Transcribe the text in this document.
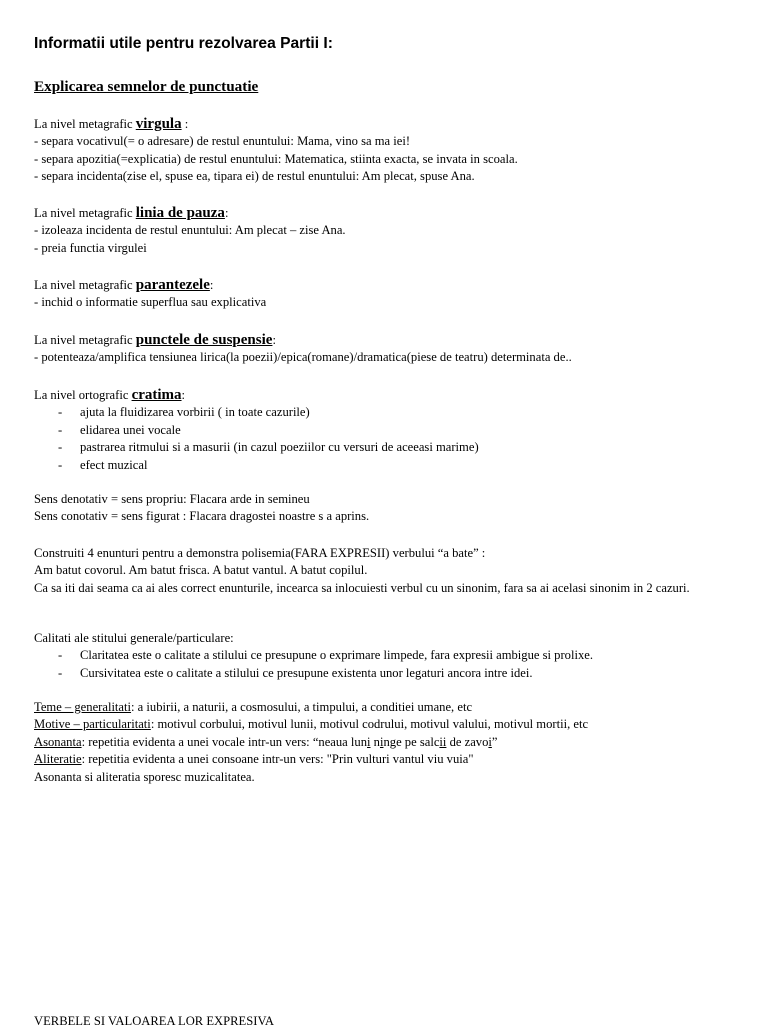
Informatii utile pentru rezolvarea Partii I:
Explicarea semnelor de punctuatie
La nivel metagrafic virgula :
- separa vocativul(= o adresare) de restul enuntului: Mama, vino sa ma iei!
- separa apozitia(=explicatia) de restul enuntului: Matematica, stiinta exacta, se invata in scoala.
- separa incidenta(zise el, spuse ea, tipara ei) de restul enuntului: Am plecat, spuse Ana.
La nivel metagrafic linia de pauza:
- izoleaza incidenta de restul enuntului: Am plecat – zise Ana.
- preia functia virgulei
La nivel metagrafic parantezele:
- inchid o informatie superflua sau explicativa
La nivel metagrafic punctele de suspensie:
- potenteaza/amplifica tensiunea lirica(la poezii)/epica(romane)/dramatica(piese de teatru) determinata de..
La nivel ortografic cratima:
- ajuta la fluidizarea vorbirii ( in toate cazurile)
- elidarea unei vocale
- pastrarea ritmului si a masurii (in cazul poeziilor cu versuri de aceeasi marime)
- efect muzical
Sens denotativ = sens propriu: Flacara arde in semineu
Sens conotativ = sens figurat : Flacara dragostei noastre s a aprins.
Construiti 4 enunturi pentru a demonstra polisemia(FARA EXPRESII) verbului “a bate” :
Am batut covorul. Am batut frisca. A batut vantul. A batut copilul.
Ca sa iti dai seama ca ai ales correct enunturile, incearca sa inlocuiesti verbul cu un sinonim, fara sa ai acelasi sinonim in 2 cazuri.
Calitati ale stitului generale/particulare:
- Claritatea este o calitate a stilului ce presupune o exprimare limpede, fara expresii ambigue si prolixe.
- Cursivitatea este o calitate a stilului ce presupune existenta unor legaturi ancora intre idei.
Teme – generalitati: a iubirii, a naturii, a cosmosului, a timpului, a conditiei umane, etc
Motive – particularitati: motivul corbului, motivul lunii, motivul codrului, motivul valului, motivul mortii, etc
Asonanta: repetitia evidenta a unei vocale intr-un vers: “neaua luni ninge pe salcii de zavoi”
Aliteratie: repetitia evidenta a unei consoane intr-un vers: "Prin vulturi vantul viu vuia"
Asonanta si aliteratia sporesc muzicalitatea.
VERBELE SI VALOAREA LOR EXPRESIVA
